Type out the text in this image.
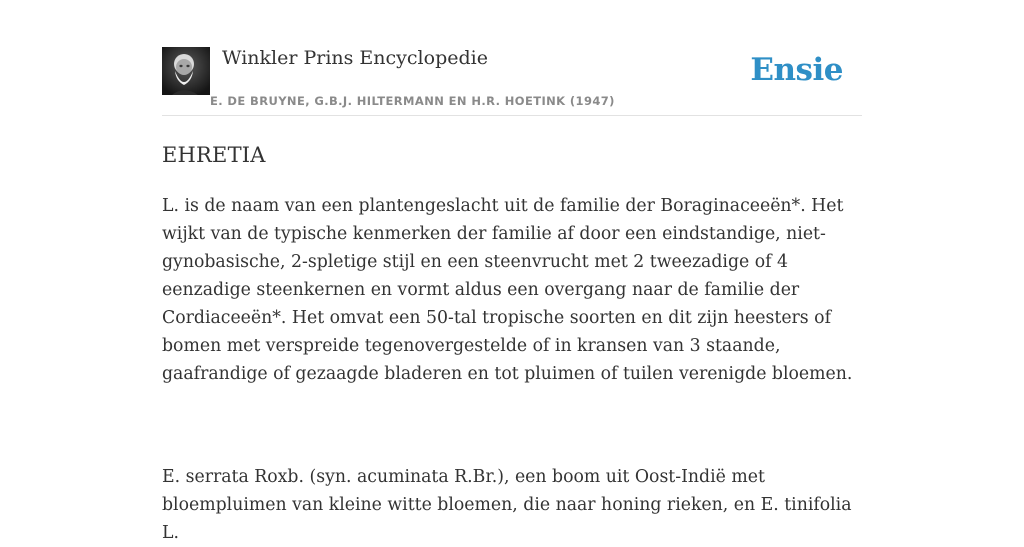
Winkler Prins Encyclopedie
E. DE BRUYNE, G.B.J. HILTERMANN EN H.R. HOETINK (1947)
Ensie
EHRETIA

L. is de naam van een plantengeslacht uit de familie der Boraginaceeën*. Het wijkt van de typische kenmerken der familie af door een eindstandige, niet-gynobasische, 2-spletige stijl en een steenvrucht met 2 tweezadige of 4 eenzadige steenkernen en vormt aldus een overgang naar de familie der Cordiaceeën*. Het omvat een 50-tal tropische soorten en dit zijn heesters of bomen met verspreide tegenovergestelde of in kransen van 3 staande, gaafrandige of gezaagde bladeren en tot pluimen of tuilen verenigde bloemen.

E. serrata Roxb. (syn. acuminata R.Br.), een boom uit Oost-Indië met bloempluimen van kleine witte bloemen, die naar honing rieken, en E. tinifolia L.
